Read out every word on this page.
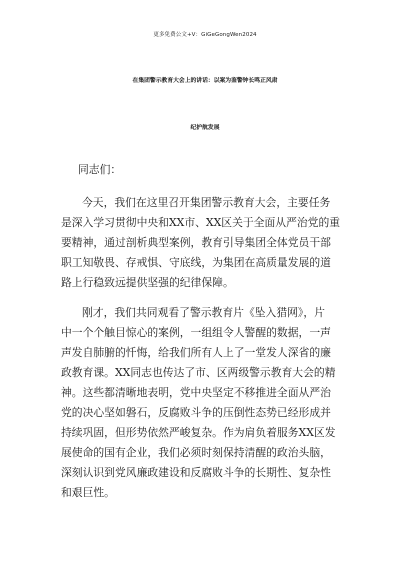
更多免费公文+V：GiGeGongWen2024
在集团警示教育大会上的讲话：以案为鉴警钟长鸣正风肃
纪护航发展
同志们：
今天，我们在这里召开集团警示教育大会，主要任务
是深入学习贯彻中央和XX市、XX区关于全面从严治党的重
要精神，通过剖析典型案例，教育引导集团全体党员干部
职工知敬畏、存戒惧、守底线，为集团在高质量发展的道
路上行稳致远提供坚强的纪律保障。
刚才，我们共同观看了警示教育片《坠入猎网》，片
中一个个触目惊心的案例，一组组令人警醒的数据，一声
声发自肺腑的忏悔，给我们所有人上了一堂发人深省的廉
政教育课。XX同志也传达了市、区两级警示教育大会的精
神。这些都清晰地表明，党中央坚定不移推进全面从严治
党的决心坚如磐石，反腐败斗争的压倒性态势已经形成并
持续巩固，但形势依然严峻复杂。作为肩负着服务XX区发
展使命的国有企业，我们必须时刻保持清醒的政治头脑，
深刻认识到党风廉政建设和反腐败斗争的长期性、复杂性
和艰巨性。
